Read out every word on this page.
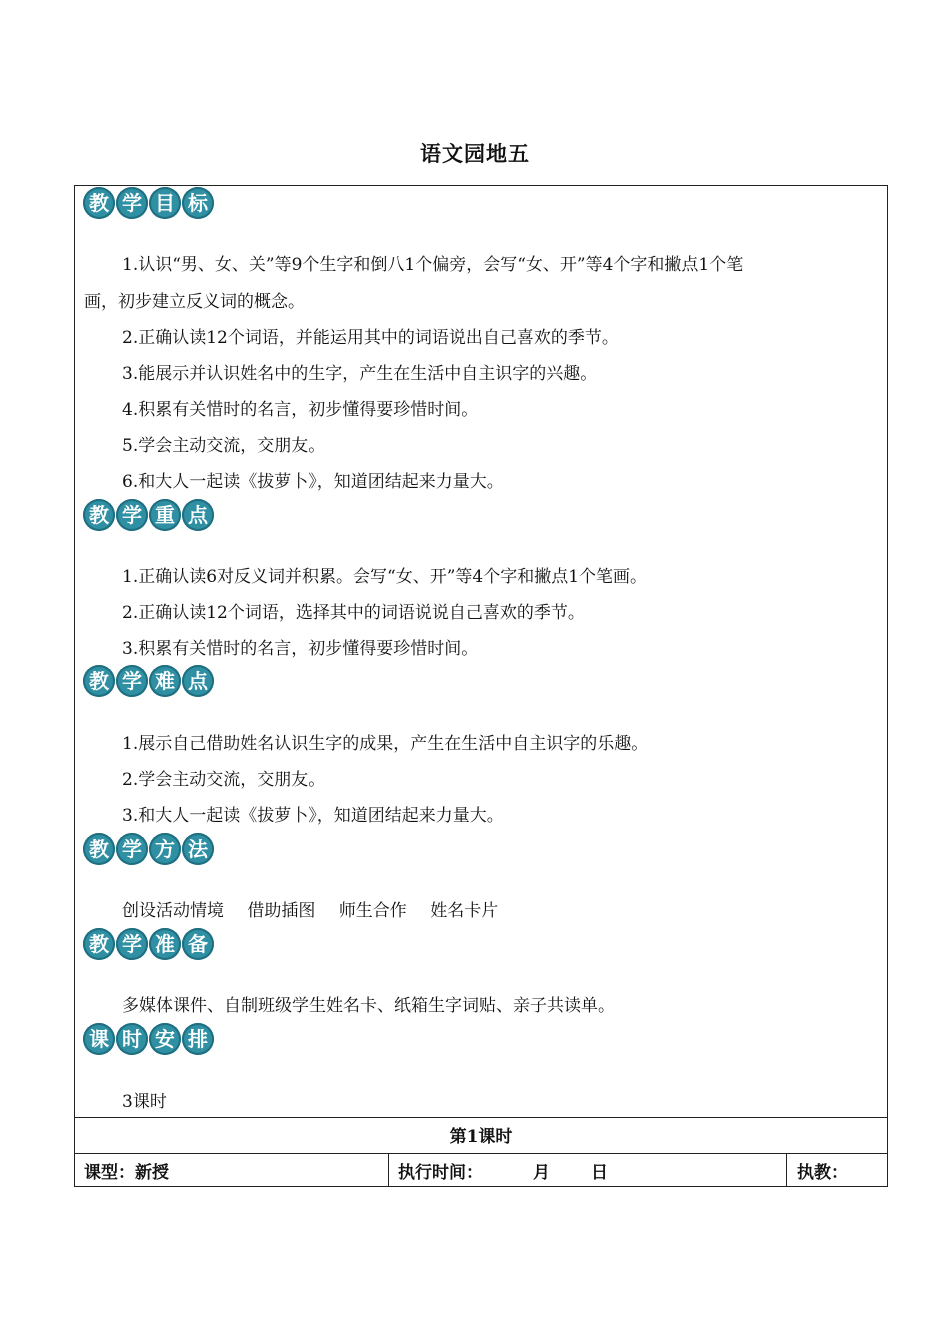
语文园地五
教 学 目 标
1.认识“男、女、关”等9个生字和倒八1个偏旁，会写“女、开”等4个字和撇点1个笔
画，初步建立反义词的概念。
2.正确认读12个词语，并能运用其中的词语说出自己喜欢的季节。
3.能展示并认识姓名中的生字，产生在生活中自主识字的兴趣。
4.积累有关惜时的名言，初步懂得要珍惜时间。
5.学会主动交流，交朋友。
6.和大人一起读《拔萝卜》，知道团结起来力量大。
教 学 重 点
1.正确认读6对反义词并积累。会写“女、开”等4个字和撇点1个笔画。
2.正确认读12个词语，选择其中的词语说说自己喜欢的季节。
3.积累有关惜时的名言，初步懂得要珍惜时间。
教 学 难 点
1.展示自己借助姓名认识生字的成果，产生在生活中自主识字的乐趣。
2.学会主动交流，交朋友。
3.和大人一起读《拔萝卜》，知道团结起来力量大。
教 学 方 法
创设活动情境 借助插图 师生合作 姓名卡片
教 学 准 备
多媒体课件、自制班级学生姓名卡、纸箱生字词贴、亲子共读单。
课 时 安 排
3课时
第1课时
课型：新授	执行时间：	月 日	执教：
